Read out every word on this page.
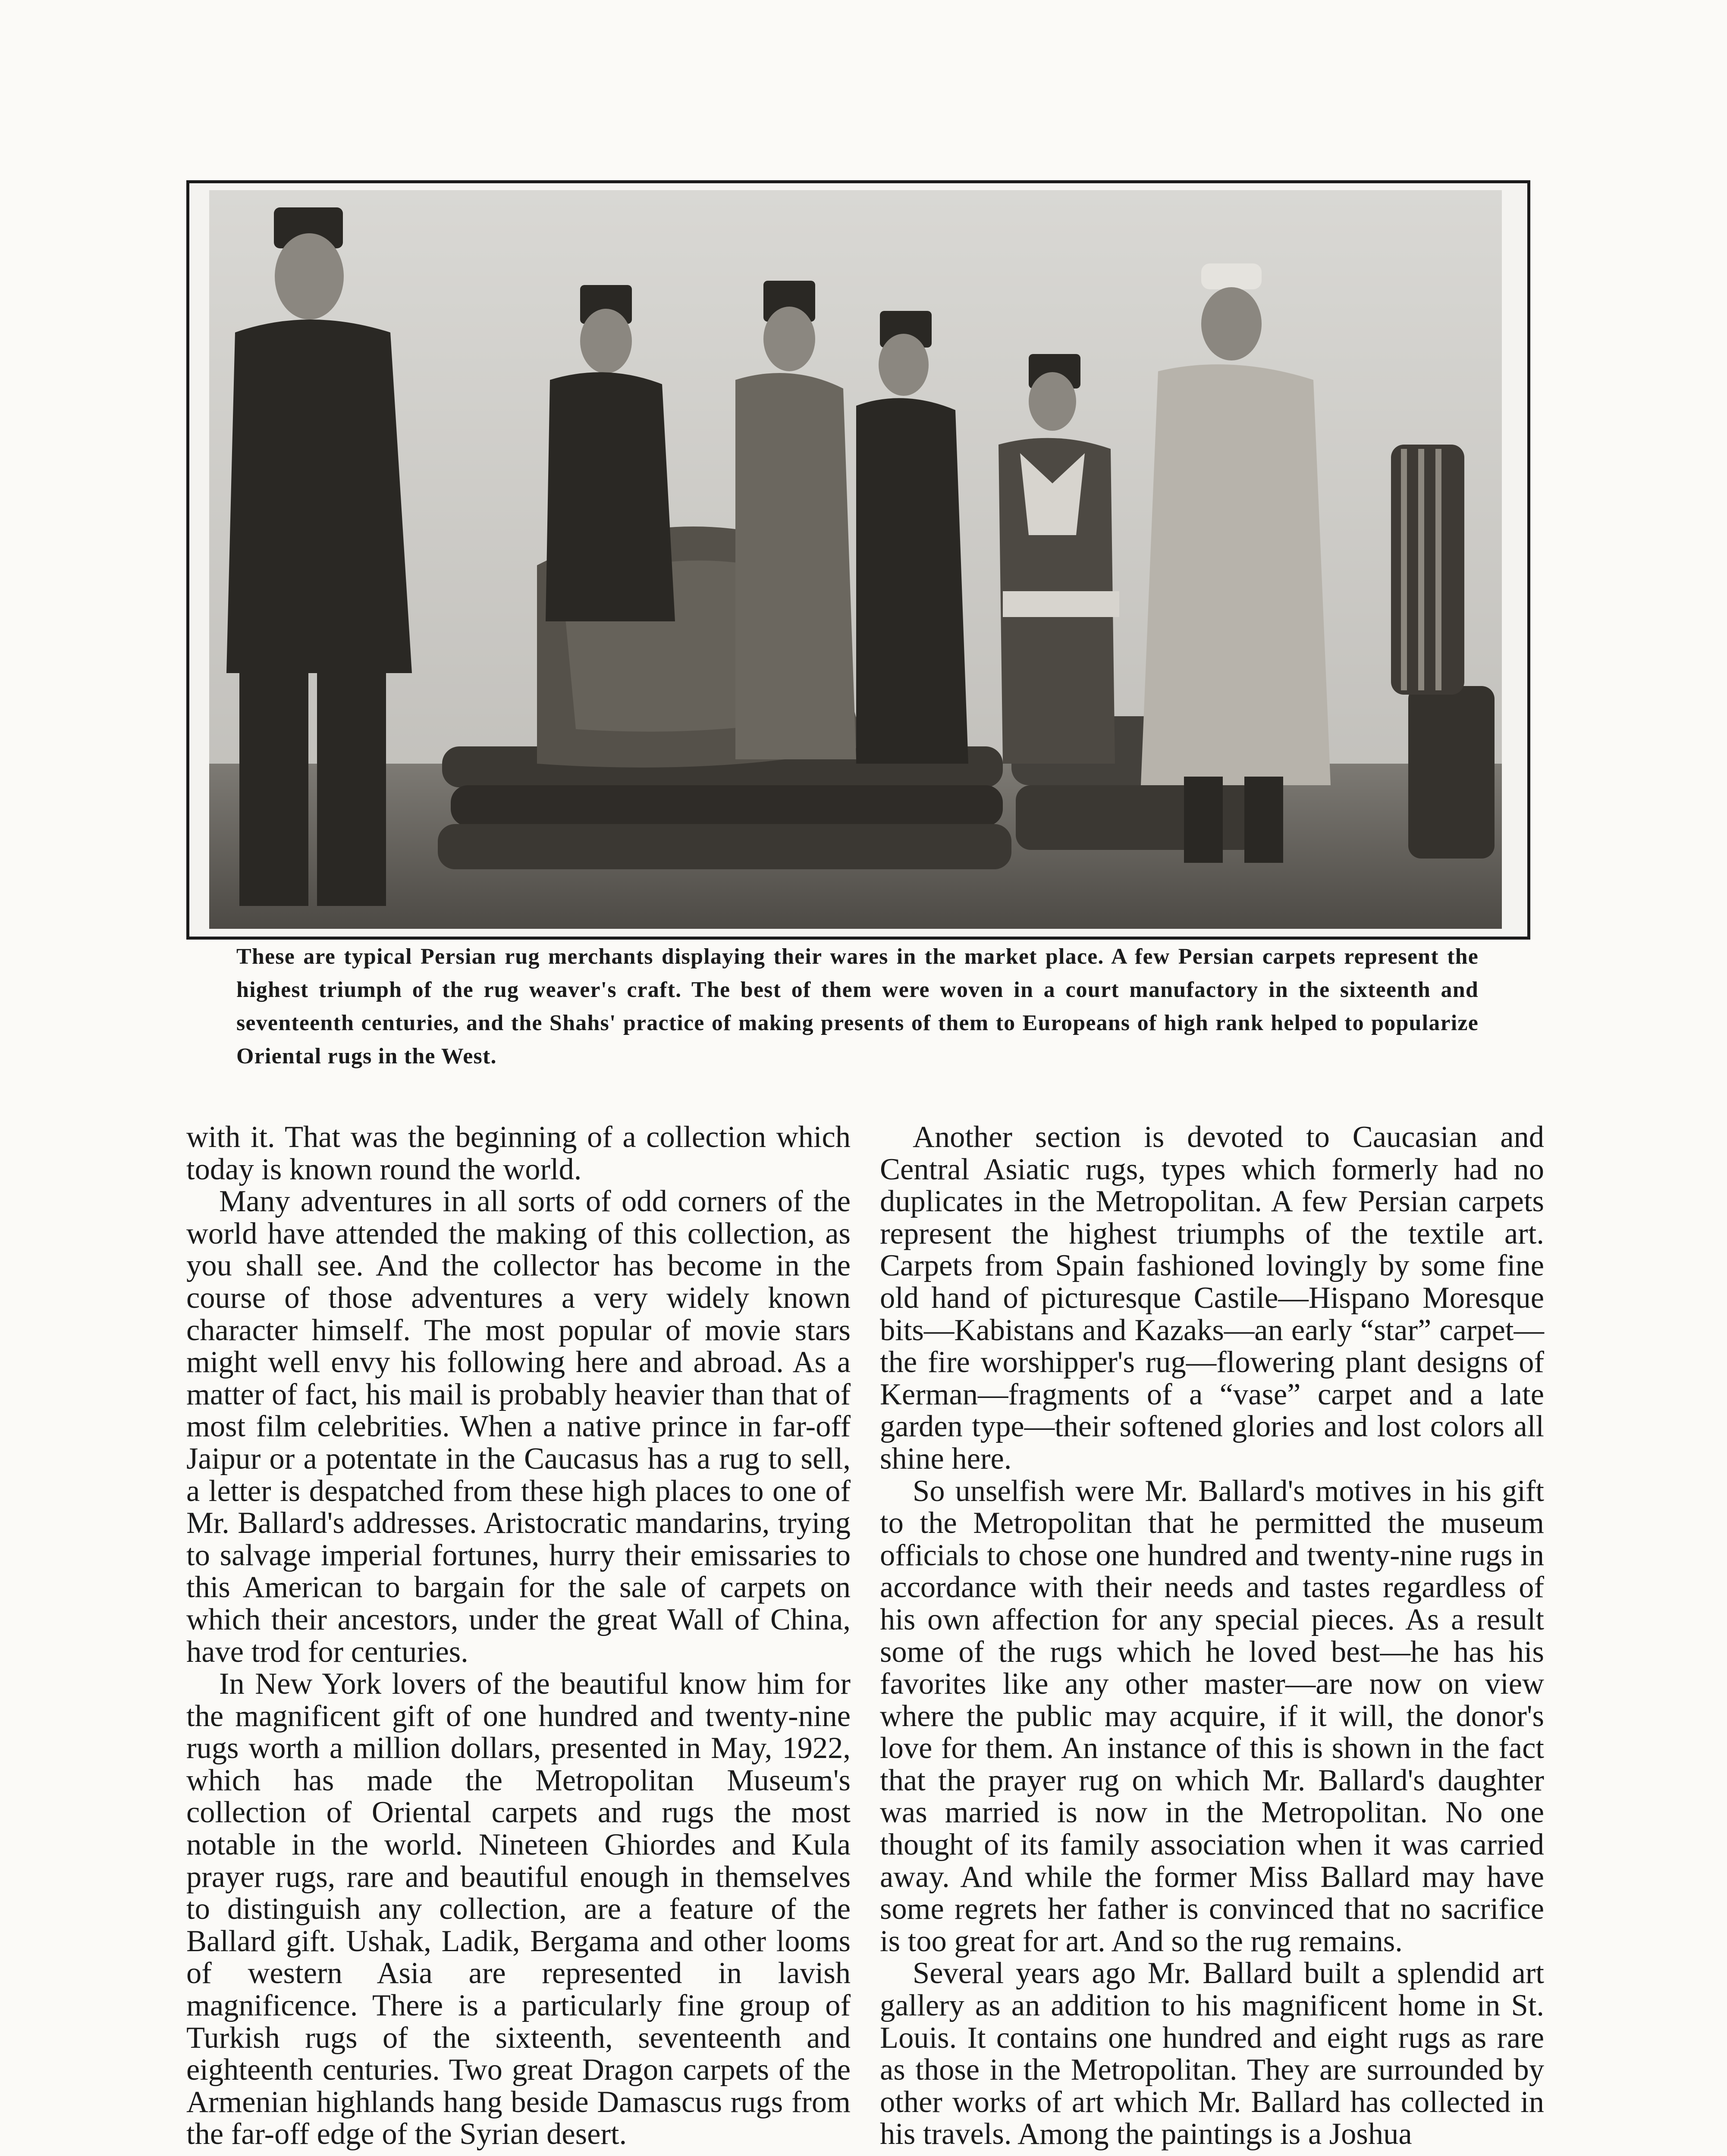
These are typical Persian rug merchants displaying their wares in the market place. A few Persian carpets represent the highest triumph of the rug weaver's craft. The best of them were woven in a court manufactory in the sixteenth and seventeenth centuries, and the Shahs' practice of making presents of them to Europeans of high rank helped to popularize Oriental rugs in the West.

with it. That was the beginning of a collection which today is known round the world.

Many adventures in all sorts of odd corners of the world have attended the making of this collection, as you shall see. And the collector has become in the course of those adventures a very widely known character himself. The most popular of movie stars might well envy his following here and abroad. As a matter of fact, his mail is probably heavier than that of most film celebrities. When a native prince in far-off Jaipur or a potentate in the Caucasus has a rug to sell, a letter is despatched from these high places to one of Mr. Ballard's addresses. Aristocratic mandarins, trying to salvage imperial fortunes, hurry their emissaries to this American to bargain for the sale of carpets on which their ancestors, under the great Wall of China, have trod for centuries.

In New York lovers of the beautiful know him for the magnificent gift of one hundred and twenty-nine rugs worth a million dollars, presented in May, 1922, which has made the Metropolitan Museum's collection of Oriental carpets and rugs the most notable in the world. Nineteen Ghiordes and Kula prayer rugs, rare and beautiful enough in themselves to distinguish any collection, are a feature of the Ballard gift. Ushak, Ladik, Bergama and other looms of western Asia are represented in lavish magnificence. There is a particularly fine group of Turkish rugs of the sixteenth, seventeenth and eighteenth centuries. Two great Dragon carpets of the Armenian highlands hang beside Damascus rugs from the far-off edge of the Syrian desert.

Another section is devoted to Caucasian and Central Asiatic rugs, types which formerly had no duplicates in the Metropolitan. A few Persian carpets represent the highest triumphs of the textile art. Carpets from Spain fashioned lovingly by some fine old hand of picturesque Castile—Hispano Moresque bits—Kabistans and Kazaks—an early “star” carpet—the fire worshipper's rug—flowering plant designs of Kerman—fragments of a “vase” carpet and a late garden type—their softened glories and lost colors all shine here.

So unselfish were Mr. Ballard's motives in his gift to the Metropolitan that he permitted the museum officials to chose one hundred and twenty-nine rugs in accordance with their needs and tastes regardless of his own affection for any special pieces. As a result some of the rugs which he loved best—he has his favorites like any other master—are now on view where the public may acquire, if it will, the donor's love for them. An instance of this is shown in the fact that the prayer rug on which Mr. Ballard's daughter was married is now in the Metropolitan. No one thought of its family association when it was carried away. And while the former Miss Ballard may have some regrets her father is convinced that no sacrifice is too great for art. And so the rug remains.

Several years ago Mr. Ballard built a splendid art gallery as an addition to his magnificent home in St. Louis. It contains one hundred and eight rugs as rare as those in the Metropolitan. They are surrounded by other works of art which Mr. Ballard has collected in his travels. Among the paintings is a Joshua
